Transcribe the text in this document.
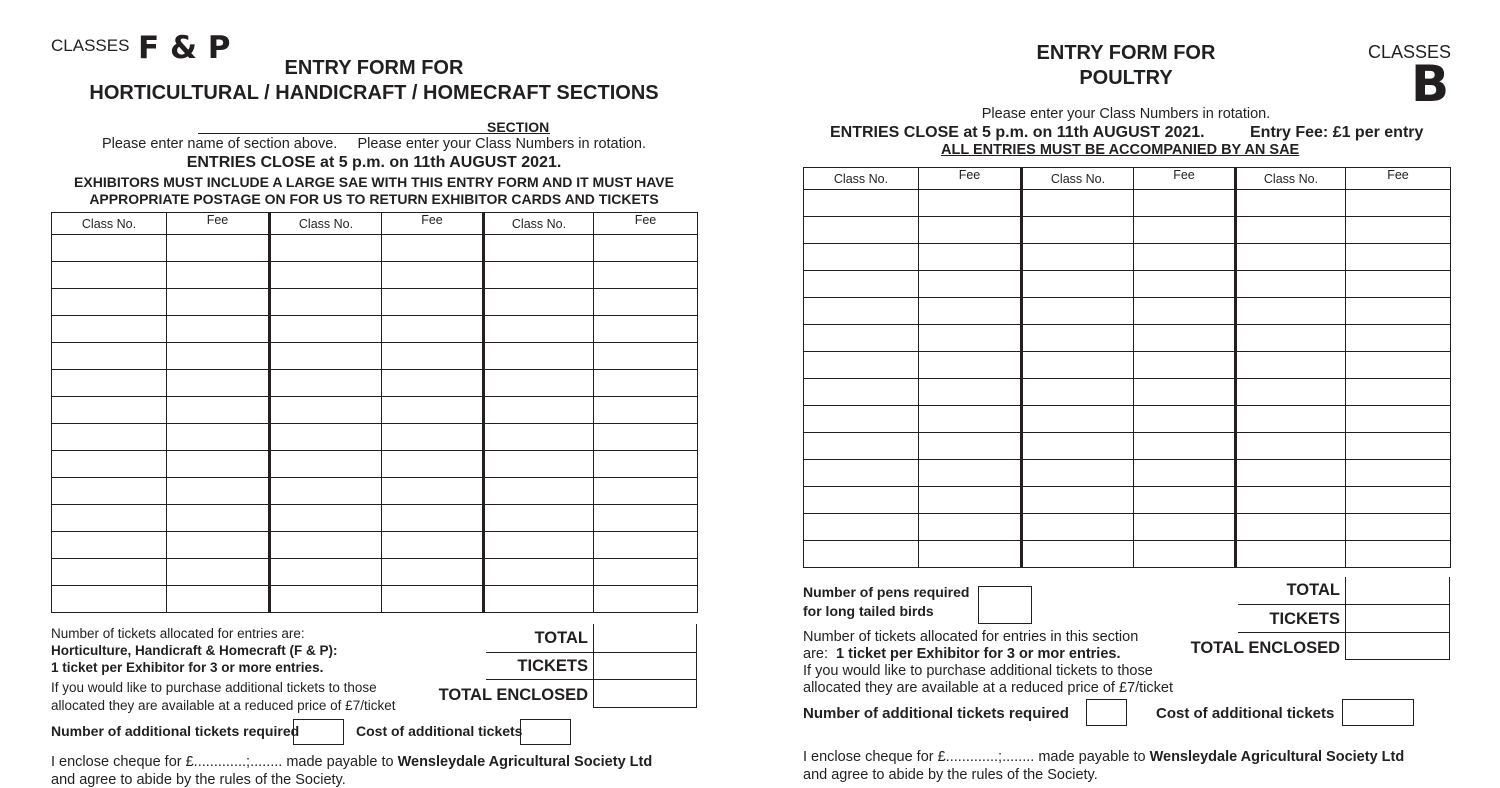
CLASSES F & P
ENTRY FORM FOR
HORTICULTURAL / HANDICRAFT / HOMECRAFT SECTIONS
SECTION
Please enter name of section above.     Please enter your Class Numbers in rotation.
ENTRIES CLOSE at 5 p.m. on 11th AUGUST 2021.
EXHIBITORS MUST INCLUDE A LARGE SAE WITH THIS ENTRY FORM AND IT MUST HAVE
APPROPRIATE POSTAGE ON FOR US TO RETURN EXHIBITOR CARDS AND TICKETS
Class No.	Fee	Class No.	Fee	Class No.	Fee

Number of tickets allocated for entries are:
Horticulture, Handicraft & Homecraft (F & P):
1 ticket per Exhibitor for 3 or more entries.
If you would like to purchase additional tickets to those
allocated they are available at a reduced price of £7/ticket
TOTAL
TICKETS
TOTAL ENCLOSED
Number of additional tickets required	Cost of additional tickets
I enclose cheque for £.............;........ made payable to Wensleydale Agricultural Society Ltd
and agree to abide by the rules of the Society.
ENTRY FORM FOR
POULTRY
CLASSES
B
Please enter your Class Numbers in rotation.
ENTRIES CLOSE at 5 p.m. on 11th AUGUST 2021.	Entry Fee: £1 per entry
ALL ENTRIES MUST BE ACCOMPANIED BY AN SAE
Class No.	Fee	Class No.	Fee	Class No.	Fee

Number of pens required
for long tailed birds
TOTAL
TICKETS
TOTAL ENCLOSED
Number of tickets allocated for entries in this section
are:  1 ticket per Exhibitor for 3 or mor entries.
If you would like to purchase additional tickets to those
allocated they are available at a reduced price of £7/ticket
Number of additional tickets required	Cost of additional tickets
I enclose cheque for £.............;........ made payable to Wensleydale Agricultural Society Ltd
and agree to abide by the rules of the Society.
